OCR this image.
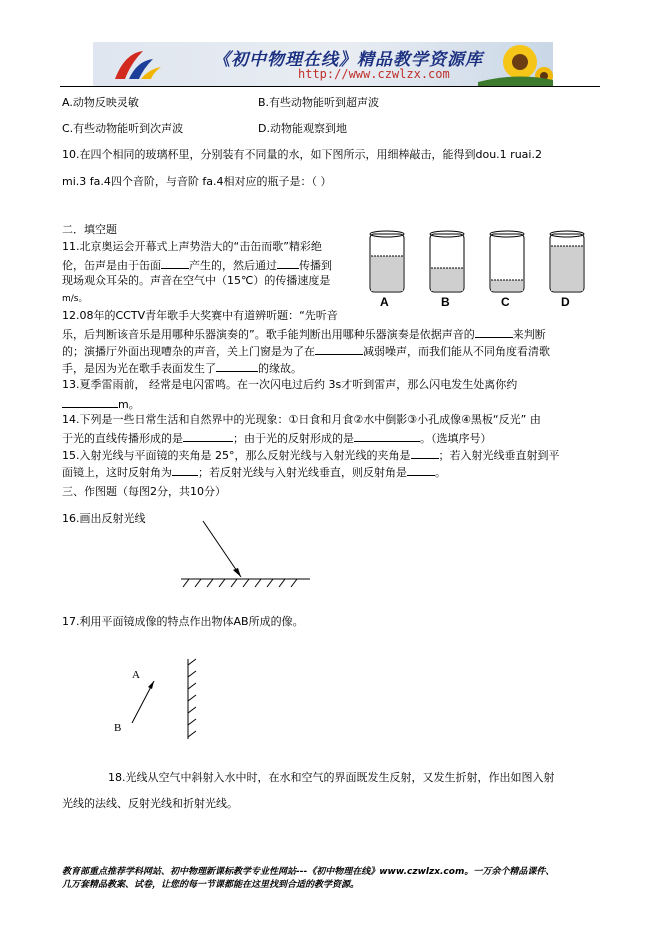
《初中物理在线》精品教学资源库
http://www.czwlzx.com
A.动物反映灵敏	B.有些动物能听到超声波
C.有些动物能听到次声波	D.动物能观察到地
10.在四个相同的玻璃杯里，分别装有不同量的水，如下图所示，用细棒敲击，能得到dou.1 ruai.2
mi.3 fa.4四个音阶，与音阶 fa.4相对应的瓶子是：（ ）
二．填空题
11.北京奥运会开幕式上声势浩大的“击缶而歌”精彩绝
伦，缶声是由于缶面	产生的，然后通过 传播到
现场观众耳朵的。声音在空气中（15℃）的传播速度是
m/s。	A	B	C	D
12.08年的CCTV青年歌手大奖赛中有道辨听题：“先听音
乐，后判断该音乐是用哪种乐器演奏的”。歌手能判断出用哪种乐器演奏是依据声音的	来判断
的；演播厅外面出现嘈杂的声音，关上门窗是为了在	减弱噪声，而我们能从不同角度看清歌
手，是因为光在歌手表面发生了	的缘故。
13.夏季雷雨前， 经常是电闪雷鸣。在一次闪电过后约 3s才听到雷声，那么闪电发生处离你约
m。
14.下列是一些日常生活和自然界中的光现象：①日食和月食②水中倒影③小孔成像④黑板“反光” 由
于光的直线传播形成的是	；由于光的反射形成的是	。（选填序号）
15.入射光线与平面镜的夹角是 25°，那么反射光线与入射光线的夹角是	；若入射光线垂直射到平
面镜上，这时反射角为 ；若反射光线与入射光线垂直，则反射角是	。
三、作图题（每图2分，共10分）
16.画出反射光线
17.利用平面镜成像的特点作出物体AB所成的像。
A
B
18.光线从空气中斜射入水中时，在水和空气的界面既发生反射，又发生折射，作出如图入射
光线的法线、反射光线和折射光线。
教育部重点推荐学科网站、初中物理新课标教学专业性网站---《初中物理在线》www.czwlzx.com。一万余个精品课件、
几万套精品教案、试卷，让您的每一节课都能在这里找到合适的教学资源。
